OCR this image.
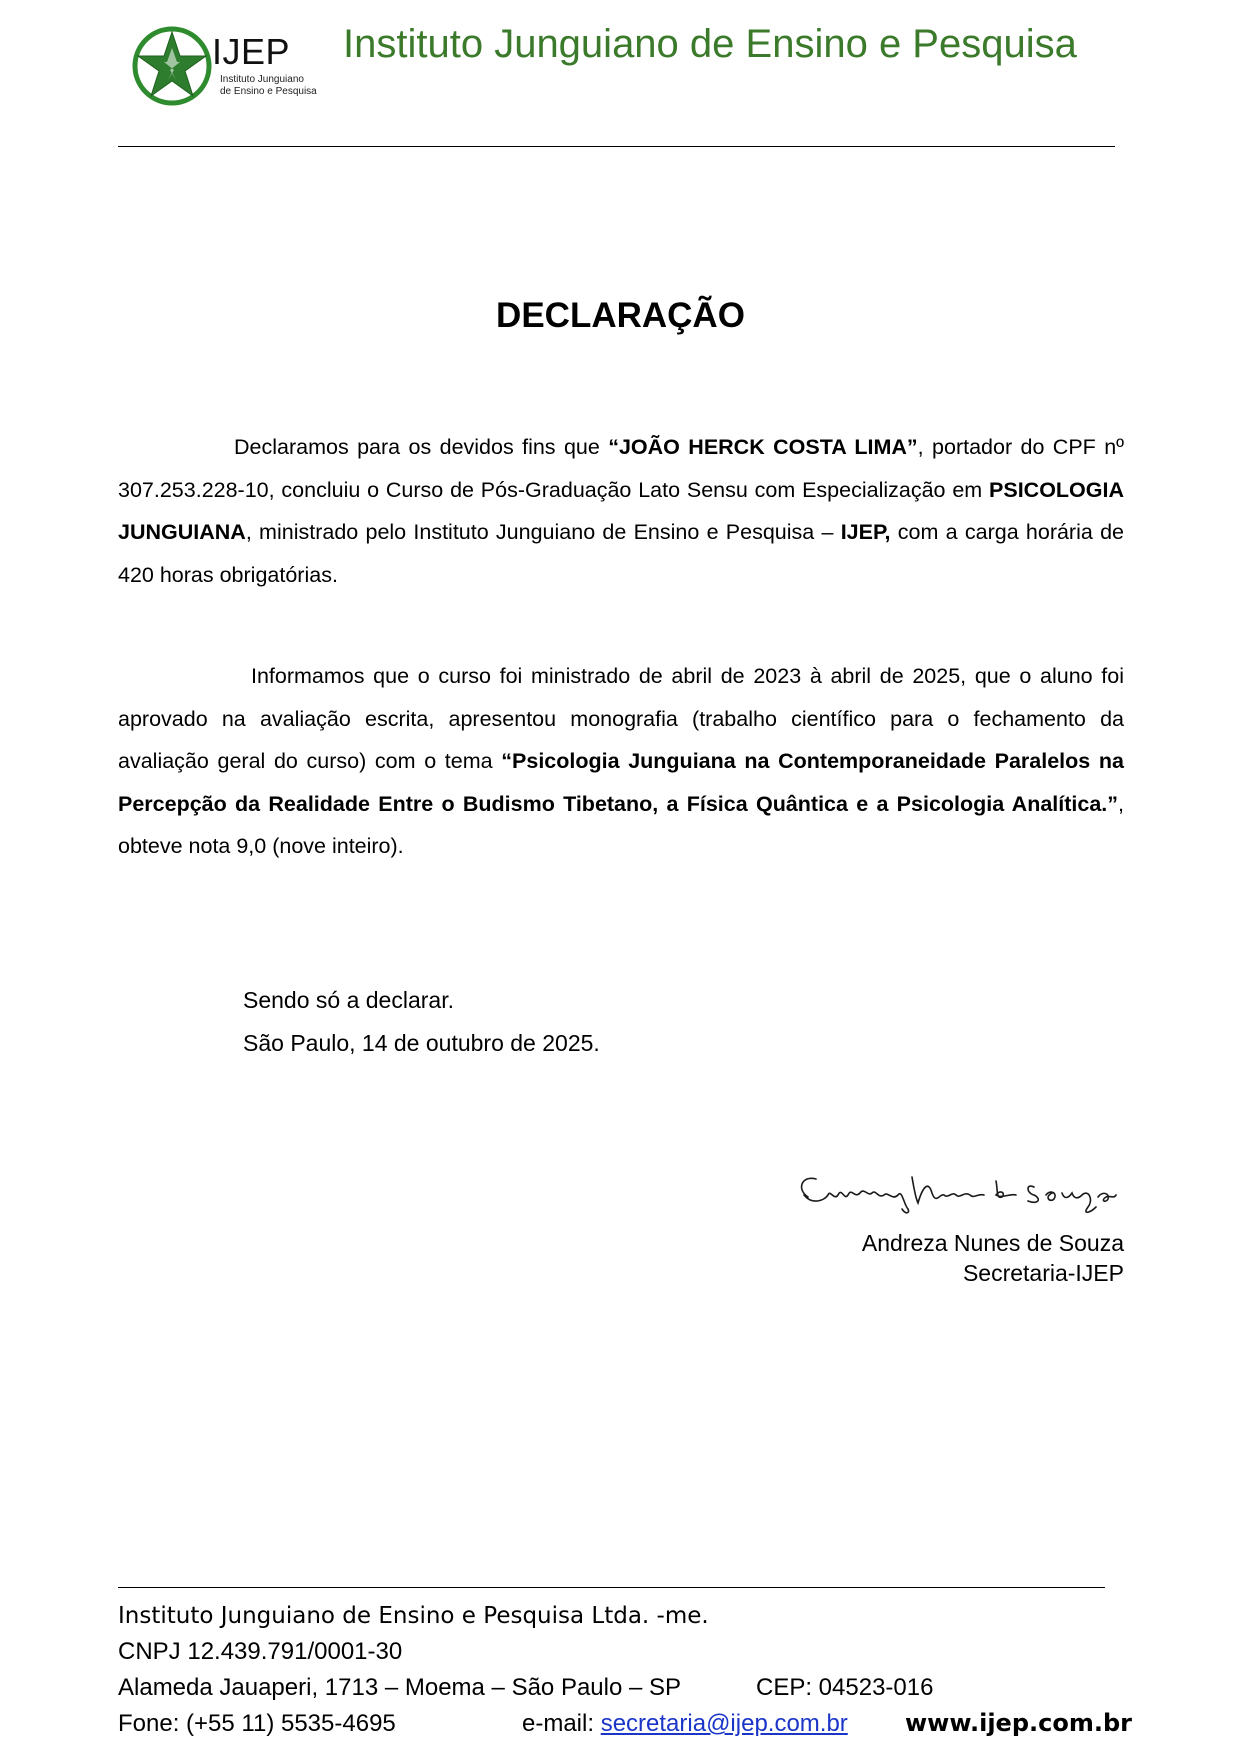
IJEP
Instituto Junguiano
de Ensino e Pesquisa
Instituto Junguiano de Ensino e Pesquisa
DECLARAÇÃO
Declaramos para os devidos fins que “JOÃO HERCK COSTA LIMA”, portador do CPF nº 307.253.228-10, concluiu o Curso de Pós-Graduação Lato Sensu com Especialização em PSICOLOGIA JUNGUIANA, ministrado pelo Instituto Junguiano de Ensino e Pesquisa – IJEP, com a carga horária de 420 horas obrigatórias.
Informamos que o curso foi ministrado de abril de 2023 à abril de 2025, que o aluno foi aprovado na avaliação escrita, apresentou monografia (trabalho científico para o fechamento da avaliação geral do curso) com o tema “Psicologia Junguiana na Contemporaneidade Paralelos na Percepção da Realidade Entre o Budismo Tibetano, a Física Quântica e a Psicologia Analítica.”, obteve nota 9,0 (nove inteiro).
Sendo só a declarar.
São Paulo, 14 de outubro de 2025.
Andreza Nunes de Souza
Secretaria-IJEP
Instituto Junguiano de Ensino e Pesquisa Ltda. -me.
CNPJ 12.439.791/0001-30
Alameda Jauaperi, 1713 – Moema – São Paulo – SP	CEP: 04523-016
Fone: (+55 11) 5535-4695	e-mail: secretaria@ijep.com.br www.ijep.com.br
